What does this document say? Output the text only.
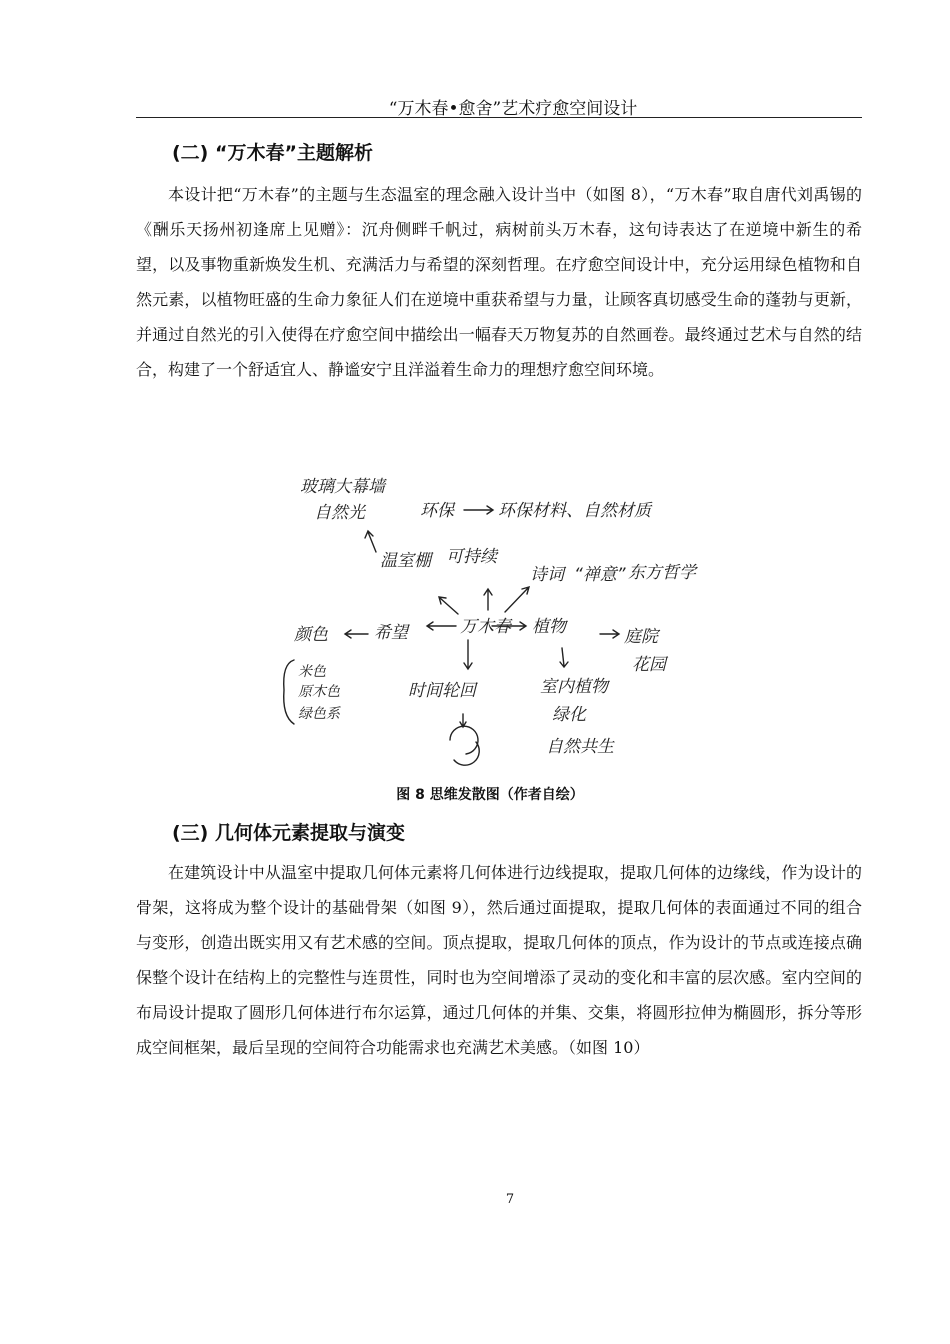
“万木春•愈舍”艺术疗愈空间设计
(二) “万木春”主题解析

本设计把“万木春”的主题与生态温室的理念融入设计当中（如图 8），“万木春”取自唐代刘禹锡的《酬乐天扬州初逢席上见赠》：沉舟侧畔千帆过，病树前头万木春，这句诗表达了在逆境中新生的希望，以及事物重新焕发生机、充满活力与希望的深刻哲理。在疗愈空间设计中，充分运用绿色植物和自然元素，以植物旺盛的生命力象征人们在逆境中重获希望与力量，让顾客真切感受生命的蓬勃与更新，并通过自然光的引入使得在疗愈空间中描绘出一幅春天万物复苏的自然画卷。最终通过艺术与自然的结合，构建了一个舒适宜人、静谧安宁且洋溢着生命力的理想疗愈空间环境。

万木春
玻璃大幕墙
自然光
温室棚 可持续
环保	环保材料、自然材质
诗词 “禅意” 东方哲学
植物	庭院
花园
希望
颜色
米色
原木色
绿色系
时间轮回	室内植物
绿化
自然共生
图 8 思维发散图（作者自绘）
(三) 几何体元素提取与演变

在建筑设计中从温室中提取几何体元素将几何体进行边线提取，提取几何体的边缘线，作为设计的骨架，这将成为整个设计的基础骨架（如图 9），然后通过面提取，提取几何体的表面通过不同的组合与变形，创造出既实用又有艺术感的空间。顶点提取，提取几何体的顶点，作为设计的节点或连接点确保整个设计在结构上的完整性与连贯性，同时也为空间增添了灵动的变化和丰富的层次感。室内空间的布局设计提取了圆形几何体进行布尔运算，通过几何体的并集、交集，将圆形拉伸为椭圆形，拆分等形成空间框架，最后呈现的空间符合功能需求也充满艺术美感。（如图 10）

7
